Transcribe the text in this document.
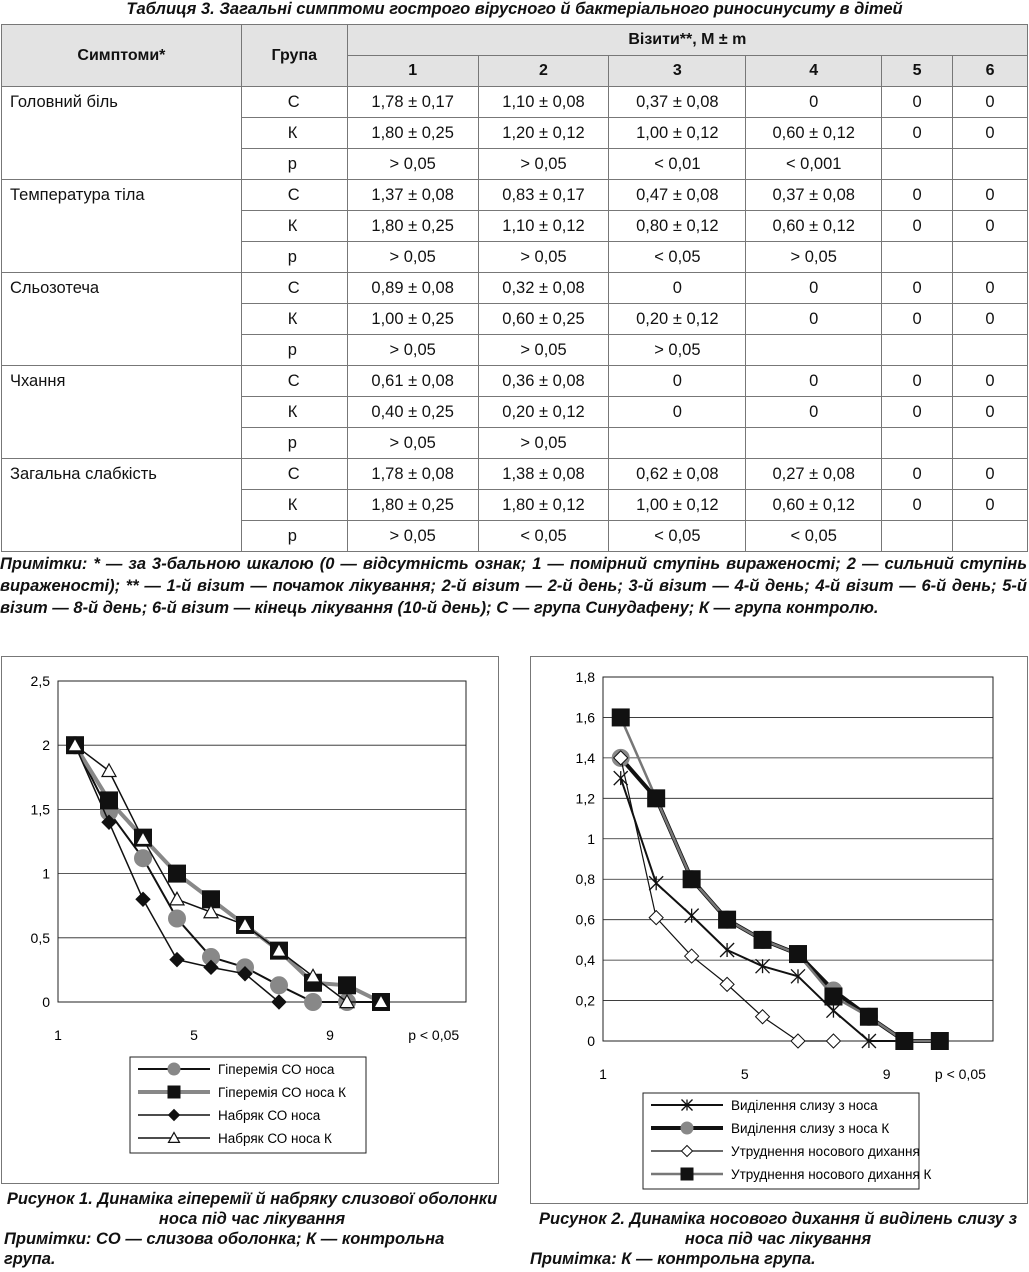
Таблиця 3. Загальні симптоми гострого вірусного й бактеріального риносинуситу в дітей
Симптоми*	Група	Візити**, M ± m					
		1	2	3	4	5	6
Головний біль	С	1,78 ± 0,17	1,10 ± 0,08	0,37 ± 0,08	0	0	0
	К	1,80 ± 0,25	1,20 ± 0,12	1,00 ± 0,12	0,60 ± 0,12	0	0
	р	> 0,05	> 0,05	< 0,01	< 0,001		
Температура тіла	С	1,37 ± 0,08	0,83 ± 0,17	0,47 ± 0,08	0,37 ± 0,08	0	0
	К	1,80 ± 0,25	1,10 ± 0,12	0,80 ± 0,12	0,60 ± 0,12	0	0
	р	> 0,05	> 0,05	< 0,05	> 0,05		
Сльозотеча	С	0,89 ± 0,08	0,32 ± 0,08	0	0	0	0
	К	1,00 ± 0,25	0,60 ± 0,25	0,20 ± 0,12	0	0	0
	р	> 0,05	> 0,05	> 0,05			
Чхання	С	0,61 ± 0,08	0,36 ± 0,08	0	0	0	0
	К	0,40 ± 0,25	0,20 ± 0,12	0	0	0	0
	р	> 0,05	> 0,05				
Загальна слабкість	С	1,78 ± 0,08	1,38 ± 0,08	0,62 ± 0,08	0,27 ± 0,08	0	0
	К	1,80 ± 0,25	1,80 ± 0,12	1,00 ± 0,12	0,60 ± 0,12	0	0
	р	> 0,05	< 0,05	< 0,05	< 0,05		
Примітки: * — за 3-бальною шкалою (0 — відсутність ознак; 1 — помірний ступінь вираженості; 2 — сильний ступінь вираженості); ** — 1-й візит — початок лікування; 2-й візит — 2-й день; 3-й візит — 4-й день; 4-й візит — 6-й день; 5-й візит — 8-й день; 6-й візит — кінець лікування (10-й день); С — група Синудафену; К — група контролю.
0
0,5
1
1,5
2
2,5
1	5	9	p < 0,05
Гіперемія СО носа
Гіперемія СО носа К
Набряк СО носа
Набряк СО носа К
Рисунок 1. Динаміка гіперемії й набряку слизової оболонки носа під час лікування
Примітки: СО — слизова оболонка; К — контрольна група.
0
0,2
0,4
0,6
0,8
1
1,2
1,4
1,6
1,8
1	5	9	p < 0,05
Виділення слизу з носа
Виділення слизу з носа К
Утруднення носового дихання
Утруднення носового дихання К
Рисунок 2. Динаміка носового дихання й виділень слизу з носа під час лікування
Примітка: К — контрольна група.
